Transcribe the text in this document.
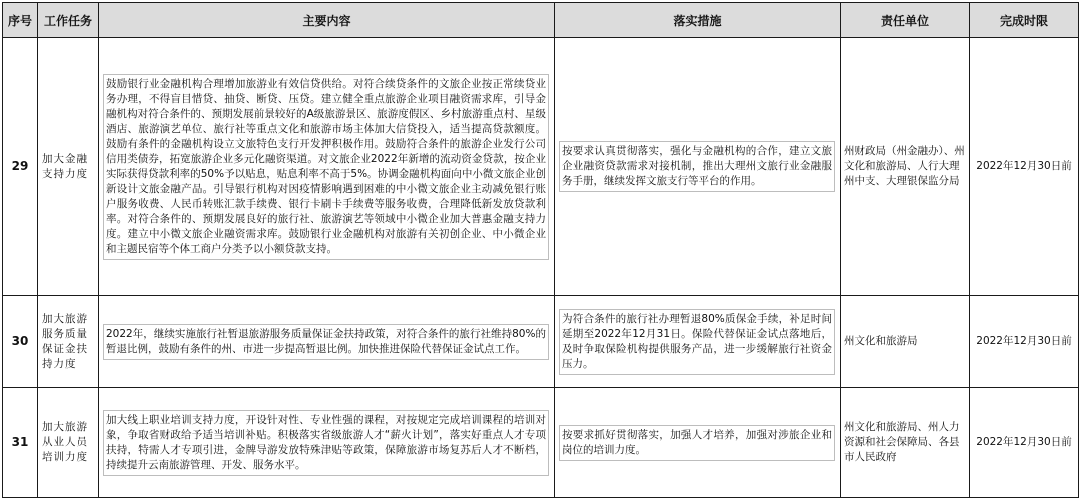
序号	工作任务	主要内容	落实措施	责任单位	完成时限
29	加大金融支持力度	鼓励银行业金融机构合理增加旅游业有效信贷供给。对符合续贷条件的文旅企业按正常续贷业务办理，不得盲目惜贷、抽贷、断贷、压贷。建立健全重点旅游企业项目融资需求库，引导金融机构对符合条件的、预期发展前景较好的A级旅游景区、旅游度假区、乡村旅游重点村、星级酒店、旅游演艺单位、旅行社等重点文化和旅游市场主体加大信贷投入，适当提高贷款额度。鼓励有条件的金融机构设立文旅特色支行开发押积极作用。鼓励符合条件的旅游企业发行公司信用类债券，拓宽旅游企业多元化融资渠道。对文旅企业2022年新增的流动资金贷款，按企业实际获得贷款利率的50%予以贴息，贴息利率不高于5%。协调金融机构面向中小微文旅企业创新设计文旅金融产品。引导银行机构对因疫情影响遇到困难的中小微文旅企业主动减免银行账户服务收费、人民币转账汇款手续费、银行卡刷卡手续费等服务收费，合理降低新发放贷款利率。对符合条件的、预期发展良好的旅行社、旅游演艺等领域中小微企业加大普惠金融支持力度。建立中小微文旅企业融资需求库。鼓励银行业金融机构对旅游有关初创企业、中小微企业和主题民宿等个体工商户分类予以小额贷款支持。	按要求认真贯彻落实，强化与金融机构的合作，建立文旅企业融资贷款需求对接机制，推出大理州文旅行业金融服务手册，继续发挥文旅支行等平台的作用。	州财政局（州金融办）、州文化和旅游局、人行大理州中支、大理银保监分局	2022年12月30日前
30	加大旅游服务质量保证金扶持力度	2022年，继续实施旅行社暂退旅游服务质量保证金扶持政策，对符合条件的旅行社维持80%的暂退比例，鼓励有条件的州、市进一步提高暂退比例。加快推进保险代替保证金试点工作。	为符合条件的旅行社办理暂退80%质保金手续，补足时间延期至2022年12月31日。保险代替保证金试点落地后，及时争取保险机构提供服务产品，进一步缓解旅行社资金压力。	州文化和旅游局	2022年12月30日前
31	加大旅游从业人员培训力度	加大线上职业培训支持力度，开设针对性、专业性强的课程，对按规定完成培训课程的培训对象，争取省财政给予适当培训补贴。积极落实省级旅游人才“薪火计划”，落实好重点人才专项扶持，特需人才专项引进，金牌导游发放特殊津贴等政策，保障旅游市场复苏后人才不断档，持续提升云南旅游管理、开发、服务水平。	按要求抓好贯彻落实，加强人才培养，加强对涉旅企业和岗位的培训力度。	州文化和旅游局、州人力资源和社会保障局、各县市人民政府	2022年12月30日前
